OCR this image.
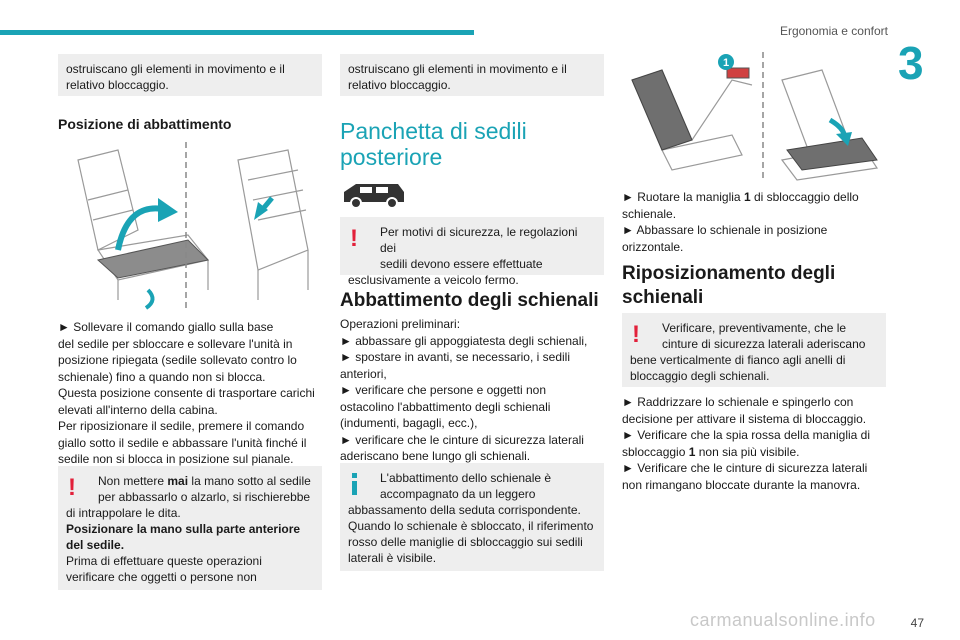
Ergonomia e confort
3
ostruiscano gli elementi in movimento e il relativo bloccaggio.
Posizione di abbattimento
► Sollevare il comando giallo sulla base
del sedile per sbloccare e sollevare l'unità in
posizione ripiegata (sedile sollevato contro lo
schienale) fino a quando non si blocca.
Questa posizione consente di trasportare carichi
elevati all'interno della cabina.
Per riposizionare il sedile, premere il comando
giallo sotto il sedile e abbassare l'unità finché il
sedile non si blocca in posizione sul pianale.
!	Non mettere mai la mano sotto al sedile
per abbassarlo o alzarlo, si rischierebbe
di intrappolare le dita.
Posizionare la mano sulla parte anteriore
del sedile.
Prima di effettuare queste operazioni
verificare che oggetti o persone non
ostruiscano gli elementi in movimento e il relativo bloccaggio.
Panchetta di sedili
posteriore
!	Per motivi di sicurezza, le regolazioni dei
sedili devono essere effettuate
esclusivamente a veicolo fermo.
Abbattimento degli schienali
Operazioni preliminari:
► abbassare gli appoggiatesta degli schienali,
► spostare in avanti, se necessario, i sedili
anteriori,
► verificare che persone e oggetti non
ostacolino l'abbattimento degli schienali
(indumenti, bagagli, ecc.),
► verificare che le cinture di sicurezza laterali
aderiscano bene lungo gli schienali.
L'abbattimento dello schienale è
accompagnato da un leggero
abbassamento della seduta corrispondente.
Quando lo schienale è sbloccato, il riferimento
rosso delle maniglie di sbloccaggio sui sedili
laterali è visibile.
1
► Ruotare la maniglia 1 di sbloccaggio dello
schienale.
► Abbassare lo schienale in posizione
orizzontale.
Riposizionamento degli
schienali
!	Verificare, preventivamente, che le
cinture di sicurezza laterali aderiscano
bene verticalmente di fianco agli anelli di
bloccaggio degli schienali.
► Raddrizzare lo schienale e spingerlo con
decisione per attivare il sistema di bloccaggio.
► Verificare che la spia rossa della maniglia di
sbloccaggio 1 non sia più visibile.
► Verificare che le cinture di sicurezza laterali
non rimangano bloccate durante la manovra.
carmanualsonline.info	47
